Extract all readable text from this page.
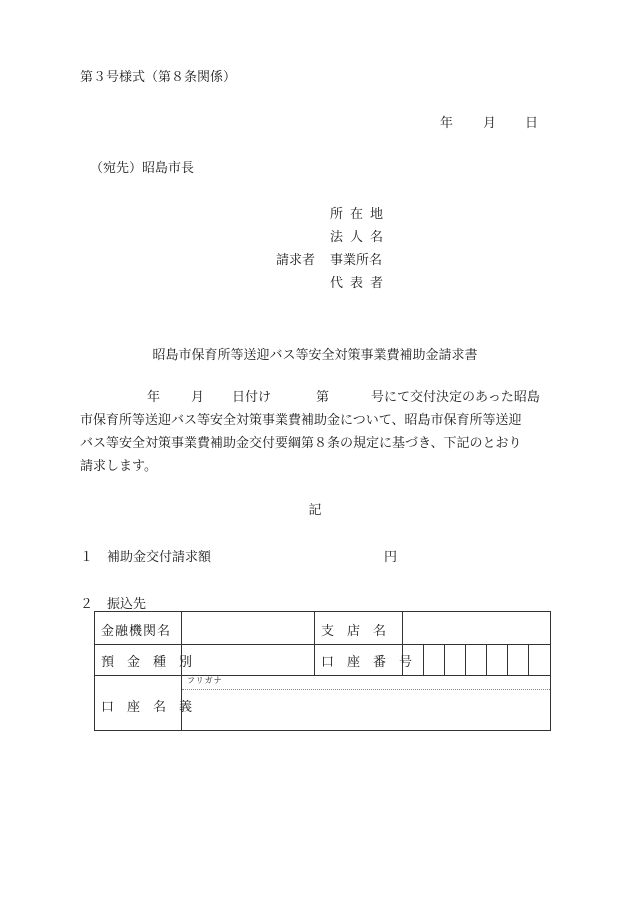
第３号様式（第８条関係）
年 月 日
（宛先）昭島市長
請求者
所在地
法人名
事業所名
代表者
昭島市保育所等送迎バス等安全対策事業費補助金請求書
年 月 日付け	第	号にて交付決定のあった昭島
市保育所等送迎バス等安全対策事業費補助金について、昭島市保育所等送迎
バス等安全対策事業費補助金交付要綱第８条の規定に基づき、下記のとおり
請求します。
記
１ 補助金交付請求額	円
２ 振込先
金融機関名	支　店　名
預　金　種　別	口　座　番　号
口　座　名　義
フリガナ
